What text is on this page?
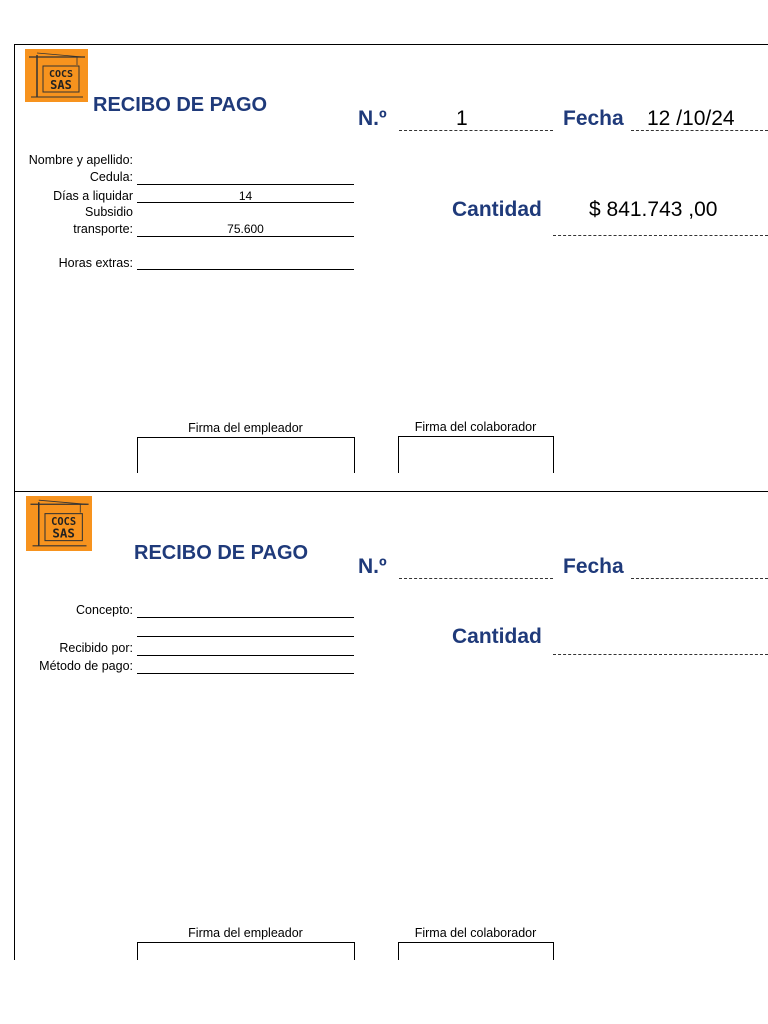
COCS
SAS
RECIBO DE PAGO
N.º	1	Fecha 12 /10/24
Cantidad $ 841.743 ,00
Nombre y apellido:
Cedula:
Días a liquidar	14
Subsidio
transporte:	75.600
Horas extras:
Firma del empleador	Firma del colaborador
COCS
SAS
RECIBO DE PAGO
N.º	Fecha
Cantidad
Concepto:
Recibido por:
Método de pago:
Firma del empleador	Firma del colaborador
